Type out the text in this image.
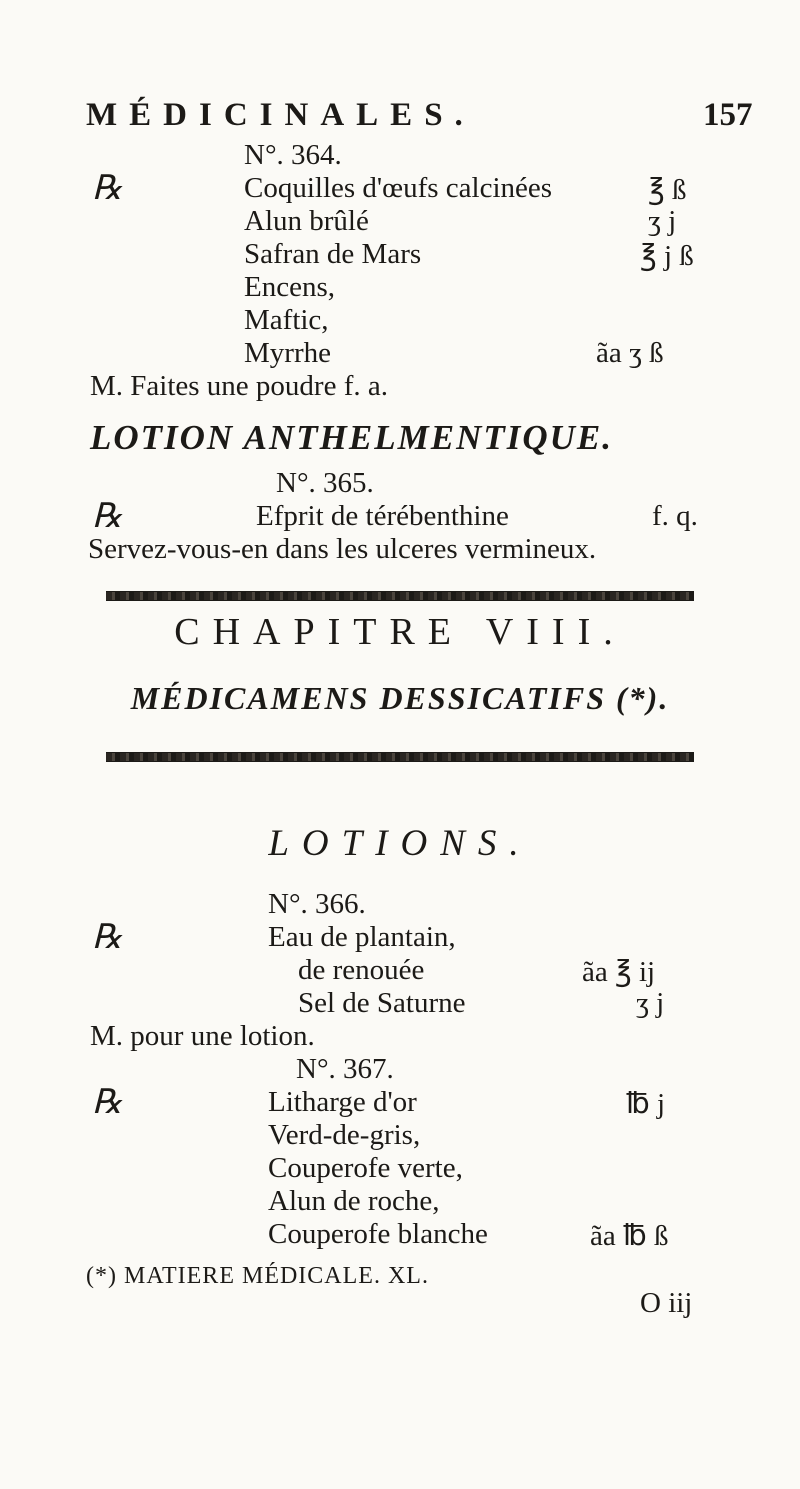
MÉDICINALES.	157
N°. 364.
℞	Coquilles d'œufs calcinées	℥ ß
Alun brûlé	ʒ j
Safran de Mars	℥ j ß
Encens,
Maftic,
Myrrhe	ãa ʒ ß
M. Faites une poudre f. a.
LOTION ANTHELMENTIQUE.
N°. 365.
℞	Efprit de térébenthine	f. q.
Servez-vous-en dans les ulceres vermineux.
CHAPITRE VIII.
MÉDICAMENS DESSICATIFS (*).
LOTIONS.
N°. 366.
℞	Eau de plantain,
de renouée	ãa ℥ ij
Sel de Saturne	ʒ j
M. pour une lotion.
N°. 367.
℞	Litharge d'or	℔ j
Verd-de-gris,
Couperofe verte,
Alun de roche,
Couperofe blanche	ãa ℔ ß
(*) MATIERE MÉDICALE. XL.
O iij
